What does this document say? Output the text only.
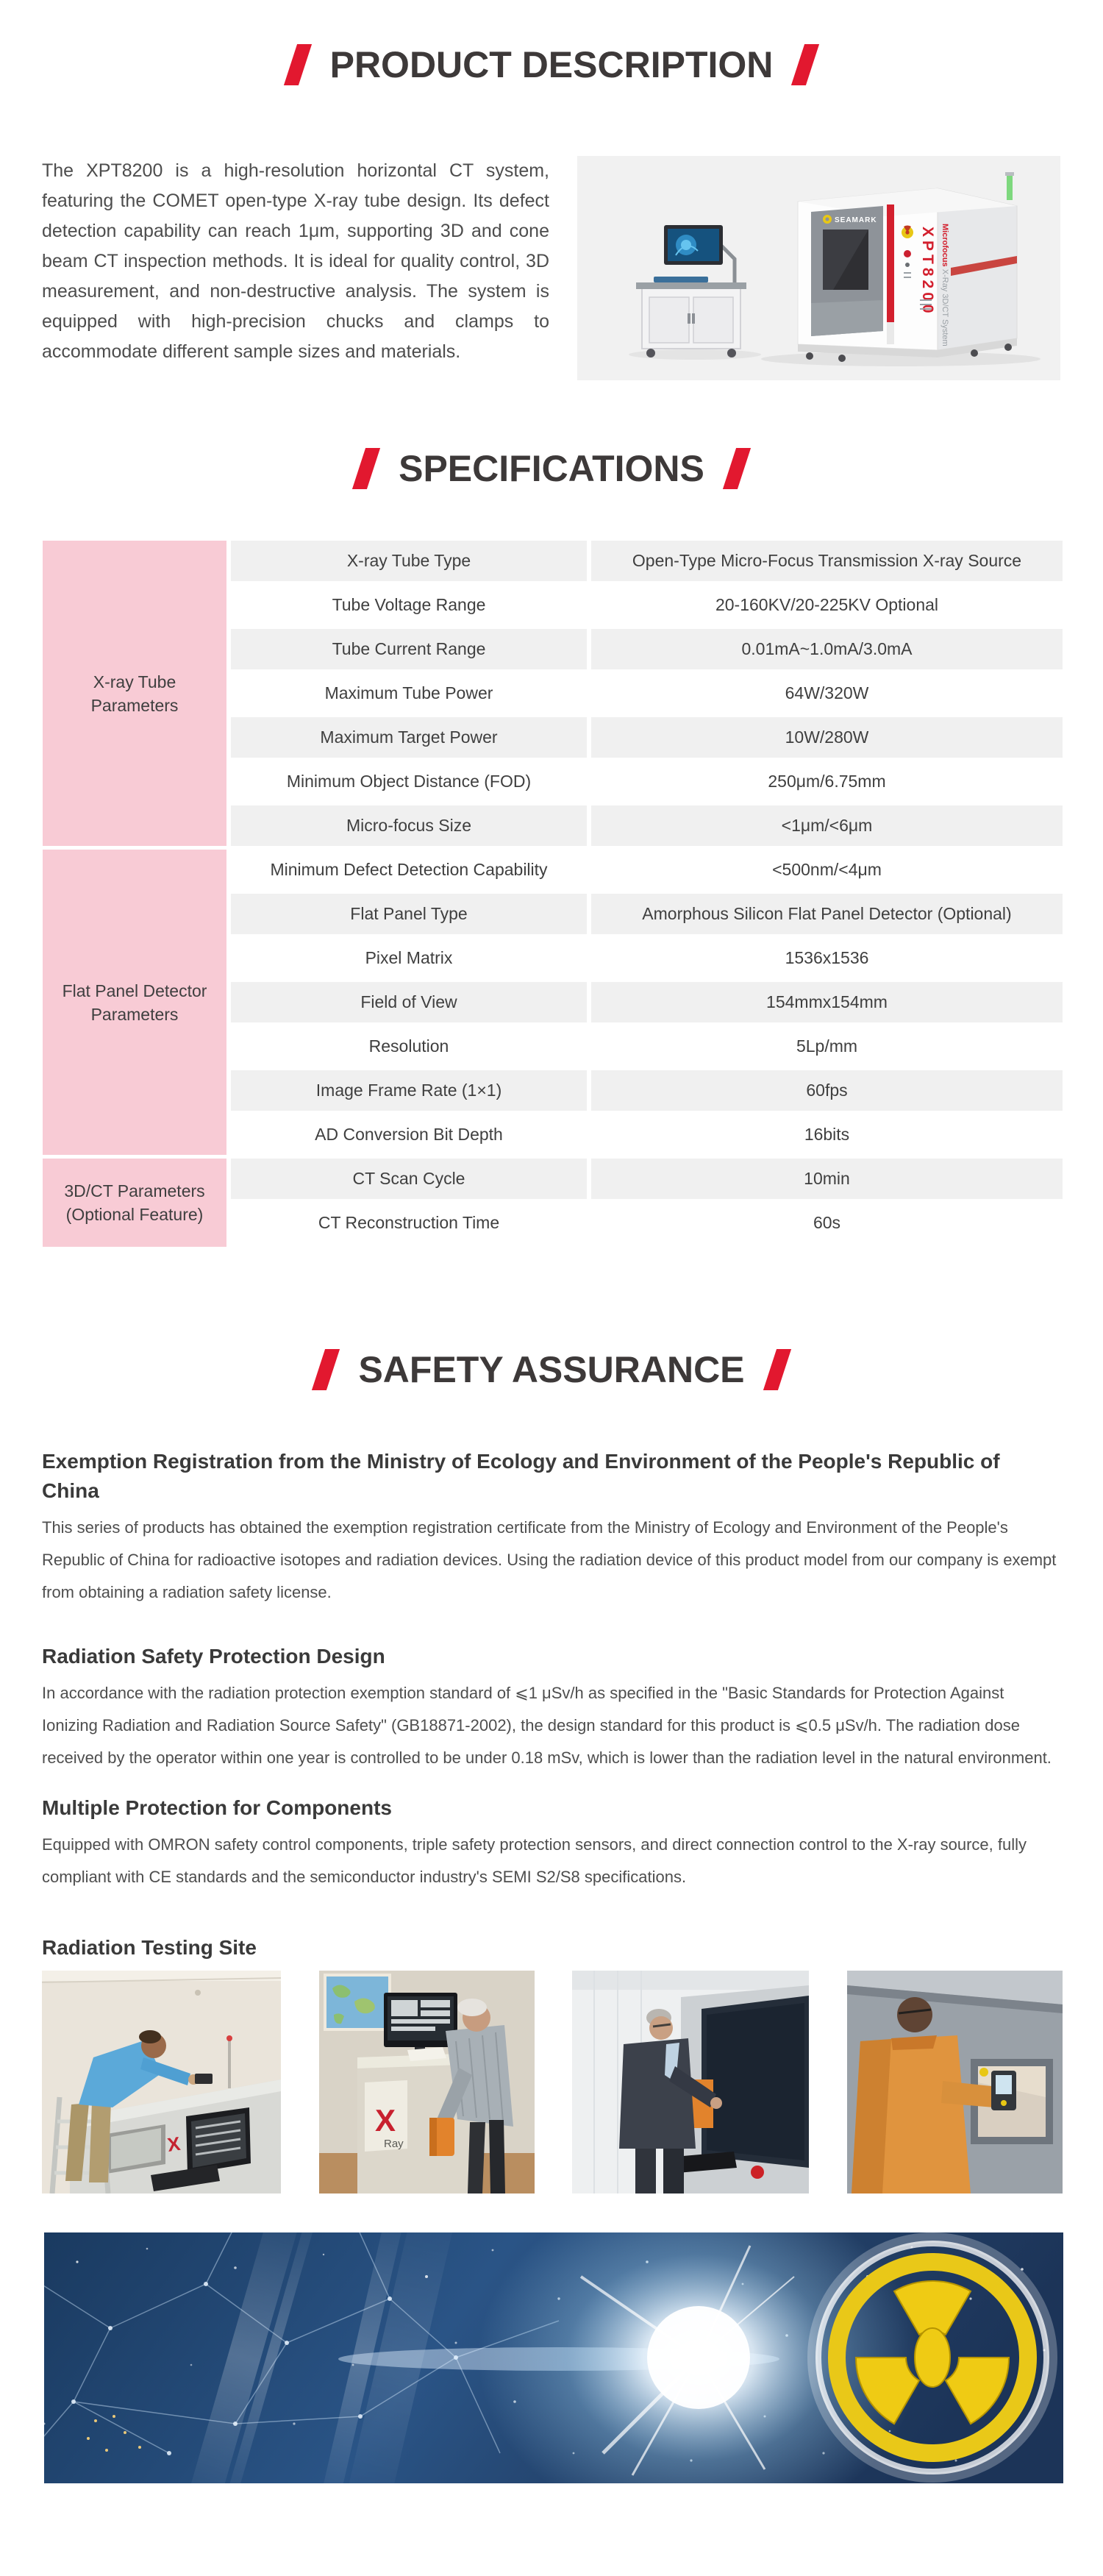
PRODUCT DESCRIPTION

The XPT8200 is a high-resolution horizontal CT system, featuring the COMET open-type X-ray tube design. Its defect detection capability can reach 1μm, supporting 3D and cone beam CT inspection methods. It is ideal for quality control, 3D measurement, and non-destructive analysis. The system is equipped with high-precision chucks and clamps to accommodate different sample sizes and materials.

SEAMARK
XPT8200 Microfocus X-Ray 3D/CT System
SPECIFICATIONS
X-ray Tube Parameters	X-ray Tube Type	Open-Type Micro-Focus Transmission X-ray Source
	Tube Voltage Range	20-160KV/20-225KV Optional
	Tube Current Range	0.01mA~1.0mA/3.0mA
	Maximum Tube Power	64W/320W
	Maximum Target Power	10W/280W
	Minimum Object Distance (FOD)	250μm/6.75mm
	Micro-focus Size	<1μm/<6μm
Flat Panel Detector Parameters	Minimum Defect Detection Capability	<500nm/<4μm
	Flat Panel Type	Amorphous Silicon Flat Panel Detector (Optional)
	Pixel Matrix	1536x1536
	Field of View	154mmx154mm
	Resolution	5Lp/mm
	Image Frame Rate (1×1)	60fps
	AD Conversion Bit Depth	16bits
3D/CT Parameters (Optional Feature)	CT Scan Cycle	10min
	CT Reconstruction Time	60s
SAFETY ASSURANCE
Exemption Registration from the Ministry of Ecology and Environment of the People's Republic of China

This series of products has obtained the exemption registration certificate from the Ministry of Ecology and Environment of the People's Republic of China for radioactive isotopes and radiation devices. Using the radiation device of this product model from our company is exempt from obtaining a radiation safety license.

Radiation Safety Protection Design

In accordance with the radiation protection exemption standard of ⩽1 μSv/h as specified in the "Basic Standards for Protection Against Ionizing Radiation and Radiation Source Safety" (GB18871-2002), the design standard for this product is ⩽0.5 μSv/h. The radiation dose received by the operator within one year is controlled to be under 0.18 mSv, which is lower than the radiation level in the natural environment.

Multiple Protection for Components

Equipped with OMRON safety control components, triple safety protection sensors, and direct connection control to the X-ray source, fully compliant with CE standards and the semiconductor industry's SEMI S2/S8 specifications.

Radiation Testing Site
X
X
Ray
